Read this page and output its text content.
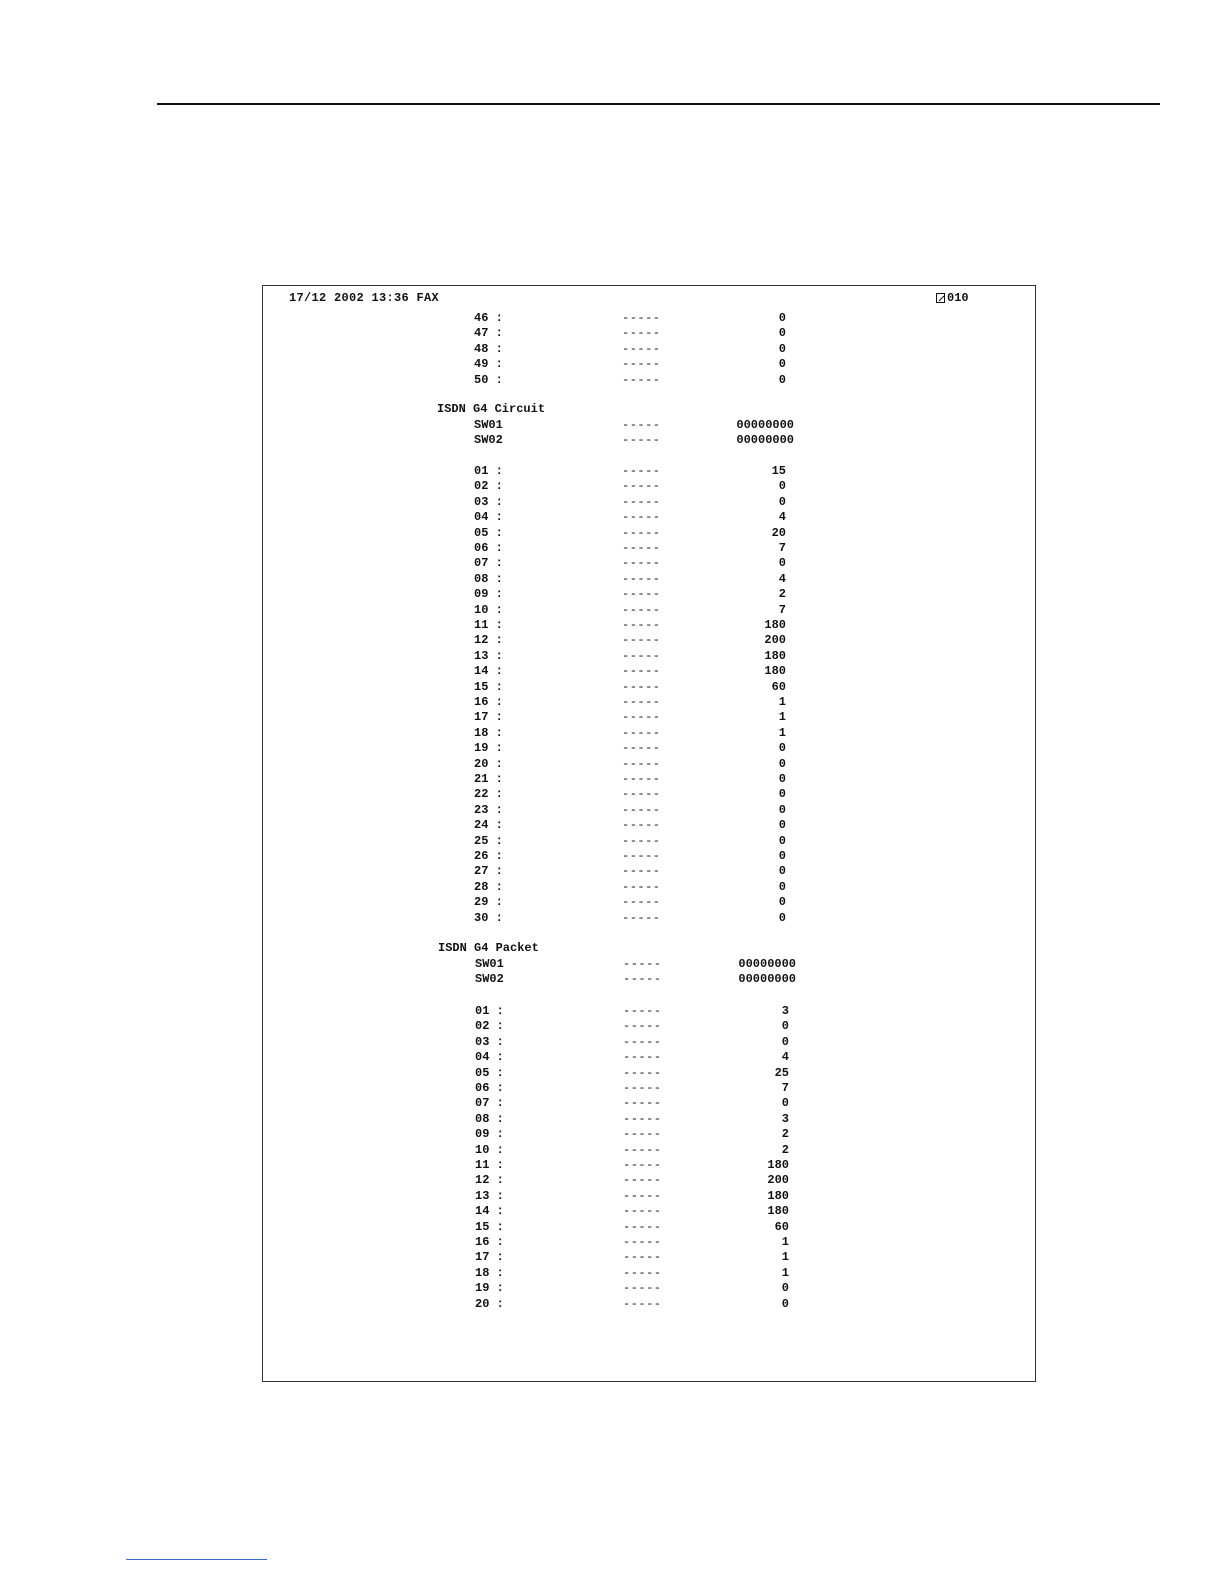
17/12 2002 13:36 FAX	010
46 :	-----	0
47 :	-----	0
48 :	-----	0
49 :	-----	0
50 :	-----	0
ISDN G4 Circuit
SW01	-----	00000000
SW02	-----	00000000
01 :	-----	15
02 :	-----	0
03 :	-----	0
04 :	-----	4
05 :	-----	20
06 :	-----	7
07 :	-----	0
08 :	-----	4
09 :	-----	2
10 :	-----	7
11 :	-----	180
12 :	-----	200
13 :	-----	180
14 :	-----	180
15 :	-----	60
16 :	-----	1
17 :	-----	1
18 :	-----	1
19 :	-----	0
20 :	-----	0
21 :	-----	0
22 :	-----	0
23 :	-----	0
24 :	-----	0
25 :	-----	0
26 :	-----	0
27 :	-----	0
28 :	-----	0
29 :	-----	0
30 :	-----	0
ISDN G4 Packet
SW01	-----	00000000
SW02	-----	00000000
01 :	-----	3
02 :	-----	0
03 :	-----	0
04 :	-----	4
05 :	-----	25
06 :	-----	7
07 :	-----	0
08 :	-----	3
09 :	-----	2
10 :	-----	2
11 :	-----	180
12 :	-----	200
13 :	-----	180
14 :	-----	180
15 :	-----	60
16 :	-----	1
17 :	-----	1
18 :	-----	1
19 :	-----	0
20 :	-----	0
